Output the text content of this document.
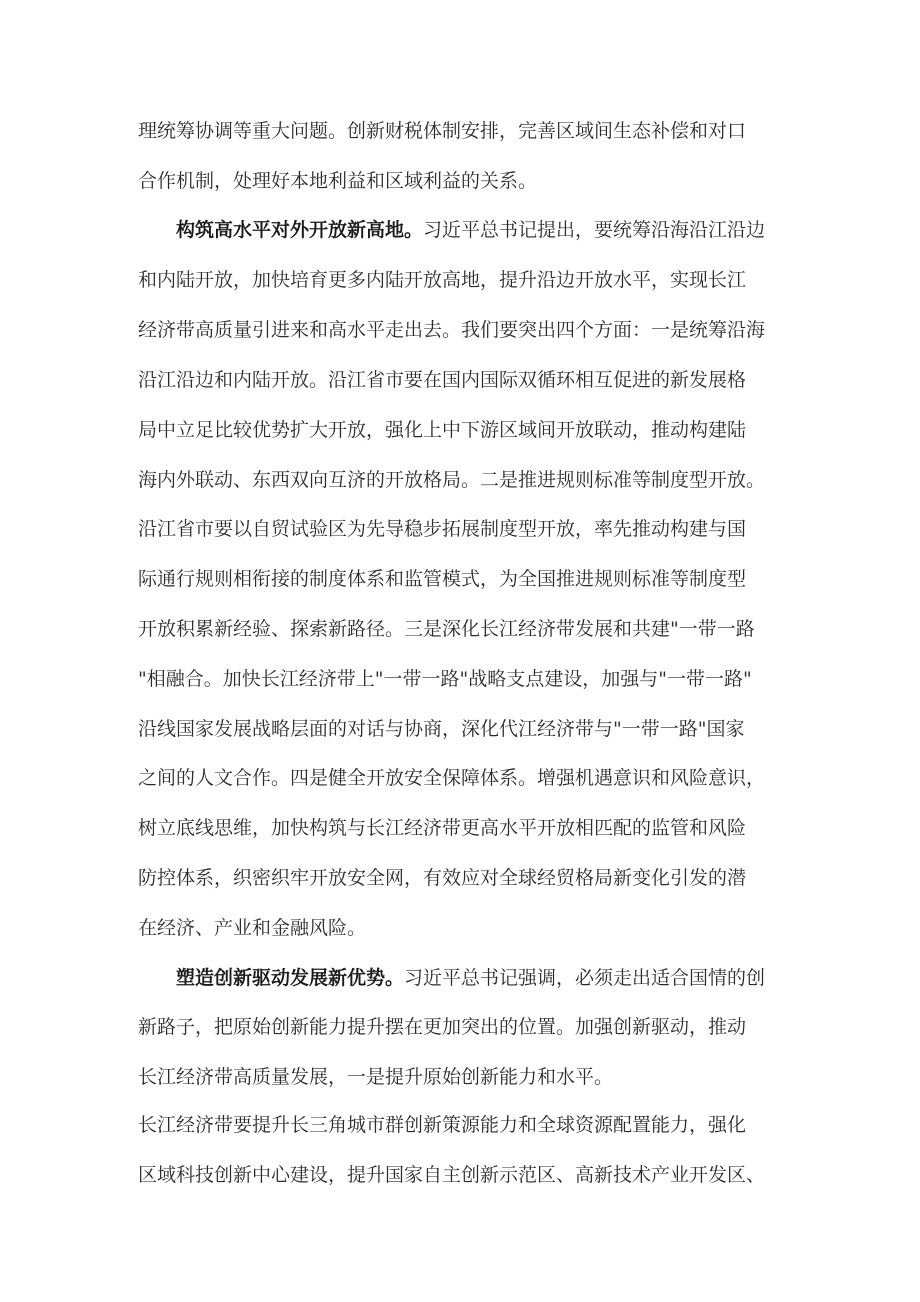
理统筹协调等重大问题。创新财税体制安排，完善区域间生态补偿和对口
合作机制，处理好本地利益和区域利益的关系。
构筑高水平对外开放新高地。习近平总书记提出，要统筹沿海沿江沿边
和内陆开放，加快培育更多内陆开放高地，提升沿边开放水平，实现长江
经济带高质量引进来和高水平走出去。我们要突出四个方面：一是统筹沿海
沿江沿边和内陆开放。沿江省市要在国内国际双循环相互促进的新发展格
局中立足比较优势扩大开放，强化上中下游区域间开放联动，推动构建陆
海内外联动、东西双向互济的开放格局。二是推进规则标准等制度型开放。
沿江省市要以自贸试验区为先导稳步拓展制度型开放，率先推动构建与国
际通行规则相衔接的制度体系和监管模式，为全国推进规则标准等制度型
开放积累新经验、探索新路径。三是深化长江经济带发展和共建"一带一路
"相融合。加快长江经济带上"一带一路"战略支点建设，加强与"一带一路"
沿线国家发展战略层面的对话与协商，深化代江经济带与"一带一路"国家
之间的人文合作。四是健全开放安全保障体系。增强机遇意识和风险意识，
树立底线思维，加快构筑与长江经济带更高水平开放相匹配的监管和风险
防控体系，织密织牢开放安全网，有效应对全球经贸格局新变化引发的潜
在经济、产业和金融风险。
塑造创新驱动发展新优势。习近平总书记强调，必须走出适合国情的创
新路子，把原始创新能力提升摆在更加突出的位置。加强创新驱动，推动
长江经济带高质量发展，一是提升原始创新能力和水平。
长江经济带要提升长三角城市群创新策源能力和全球资源配置能力，强化
区域科技创新中心建设，提升国家自主创新示范区、高新技术产业开发区、
